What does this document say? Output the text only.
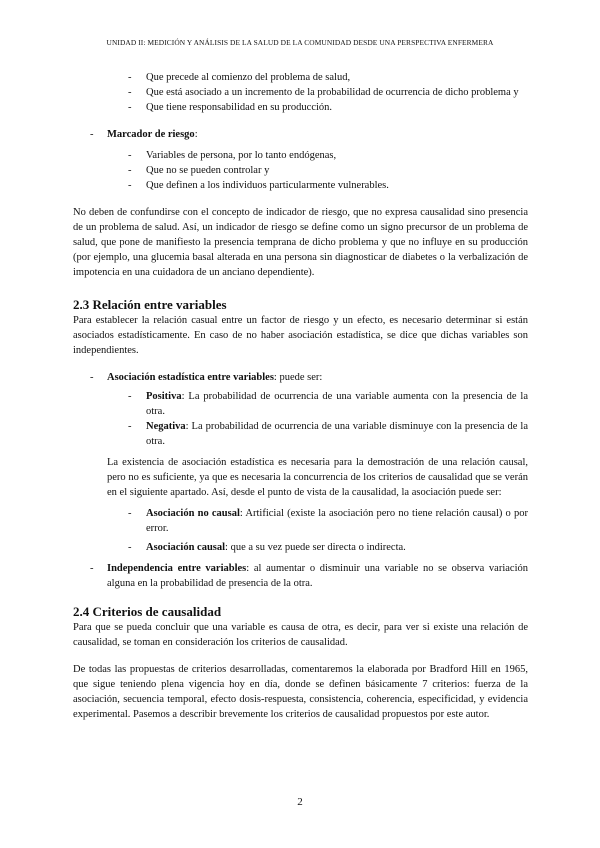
UNIDAD II: MEDICIÓN Y ANÁLISIS DE LA SALUD DE LA COMUNIDAD DESDE UNA PERSPECTIVA ENFERMERA
-	Que precede al comienzo del problema de salud,
-	Que está asociado a un incremento de la probabilidad de ocurrencia de dicho problema y
-	Que tiene responsabilidad en su producción.
-	Marcador de riesgo:
-	Variables de persona, por lo tanto endógenas,
-	Que no se pueden controlar y
-	Que definen a los individuos particularmente vulnerables.

No deben de confundirse con el concepto de indicador de riesgo, que no expresa causalidad sino presencia de un problema de salud. Así, un indicador de riesgo se define como un signo precursor de un problema de salud, que pone de manifiesto la presencia temprana de dicho problema y que no influye en su producción (por ejemplo, una glucemia basal alterada en una persona sin diagnosticar de diabetes o la verbalización de impotencia en una cuidadora de un anciano dependiente).

2.3 Relación entre variables

Para establecer la relación casual entre un factor de riesgo y un efecto, es necesario determinar si están asociados estadísticamente. En caso de no haber asociación estadística, se dice que dichas variables son independientes.

-	Asociación estadística entre variables: puede ser:
-	Positiva: La probabilidad de ocurrencia de una variable aumenta con la presencia de la otra.
-	Negativa: La probabilidad de ocurrencia de una variable disminuye con la presencia de la otra.

La existencia de asociación estadística es necesaria para la demostración de una relación causal, pero no es suficiente, ya que es necesaria la concurrencia de los criterios de causalidad que se verán en el siguiente apartado. Así, desde el punto de vista de la causalidad, la asociación puede ser:

-	Asociación no causal: Artificial (existe la asociación pero no tiene relación causal) o por error.
-	Asociación causal: que a su vez puede ser directa o indirecta.
-	Independencia entre variables: al aumentar o disminuir una variable no se observa variación alguna en la probabilidad de presencia de la otra.
2.4 Criterios de causalidad

Para que se pueda concluir que una variable es causa de otra, es decir, para ver si existe una relación de causalidad, se toman en consideración los criterios de causalidad.

De todas las propuestas de criterios desarrolladas, comentaremos la elaborada por Bradford Hill en 1965, que sigue teniendo plena vigencia hoy en día, donde se definen básicamente 7 criterios: fuerza de la asociación, secuencia temporal, efecto dosis-respuesta, consistencia, coherencia, especificidad, y evidencia experimental. Pasemos a describir brevemente los criterios de causalidad propuestos por este autor.

2
